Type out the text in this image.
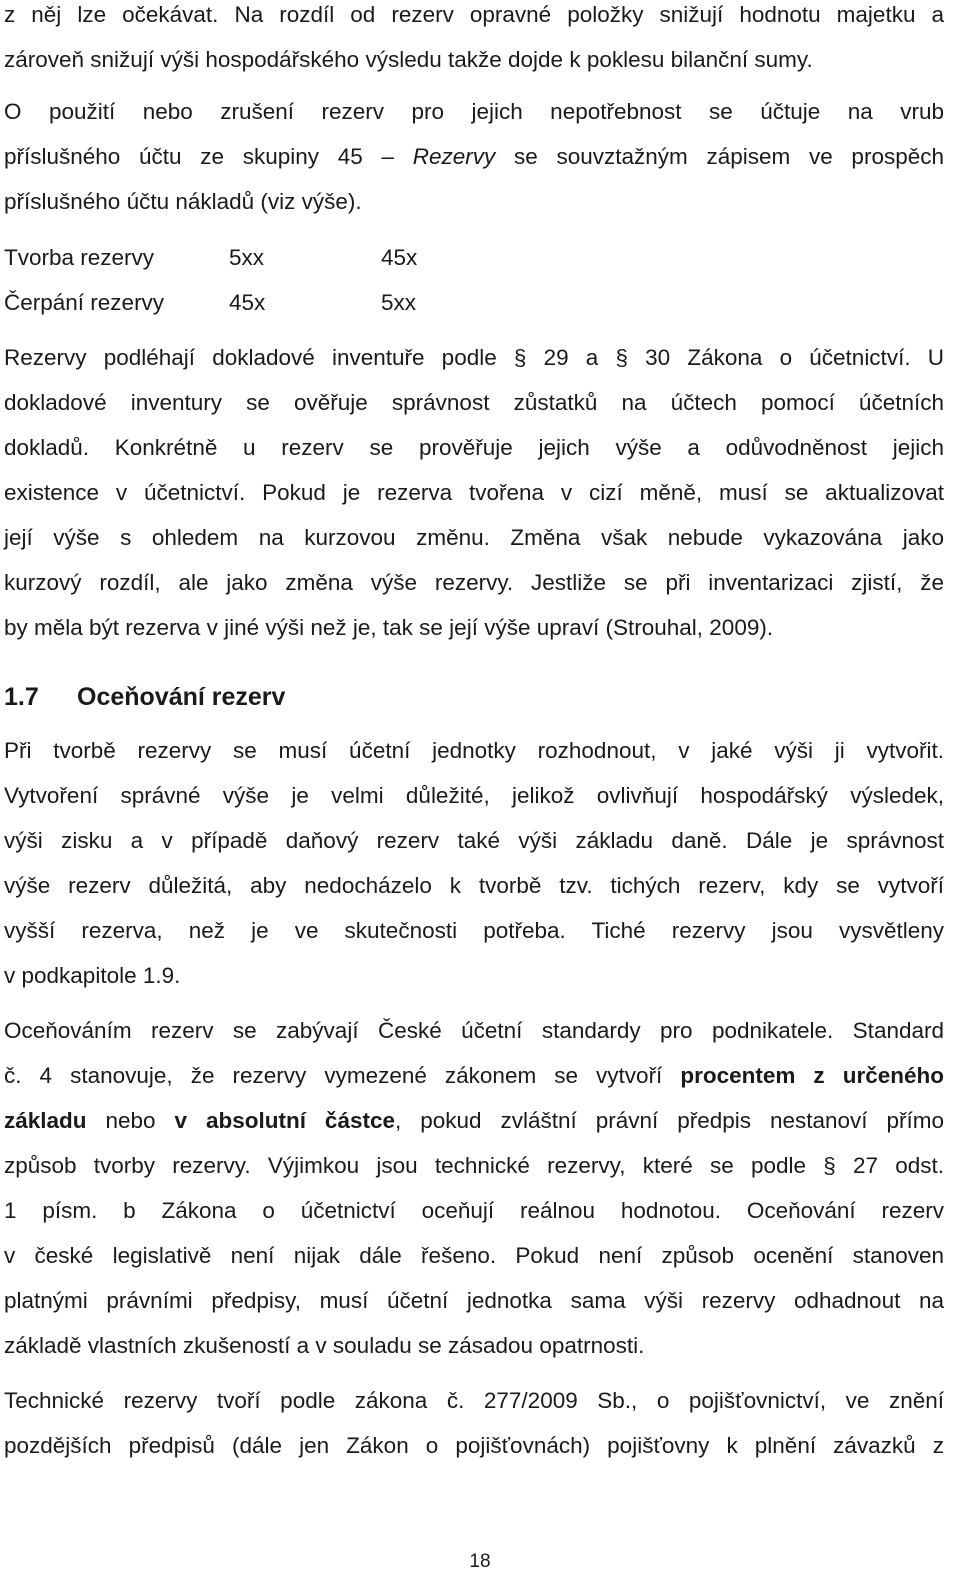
z něj lze očekávat. Na rozdíl od rezerv opravné položky snižují hodnotu majetku a
zároveň snižují výši hospodářského výsledu takže dojde k poklesu bilanční sumy.
O použití nebo zrušení rezerv pro jejich nepotřebnost se účtuje na vrub
příslušného účtu ze skupiny 45 – Rezervy se souvztažným zápisem ve prospěch
příslušného účtu nákladů (viz výše).
Tvorba rezervy	5xx	45x
Čerpání rezervy	45x	5xx
Rezervy podléhají dokladové inventuře podle § 29 a § 30 Zákona o účetnictví. U
dokladové inventury se ověřuje správnost zůstatků na účtech pomocí účetních
dokladů. Konkrétně u rezerv se prověřuje jejich výše a odůvodněnost jejich
existence v účetnictví. Pokud je rezerva tvořena v cizí měně, musí se aktualizovat
její výše s ohledem na kurzovou změnu. Změna však nebude vykazována jako
kurzový rozdíl, ale jako změna výše rezervy. Jestliže se při inventarizaci zjistí, že
by měla být rezerva v jiné výši než je, tak se její výše upraví (Strouhal, 2009).
1.7 Oceňování rezerv
Při tvorbě rezervy se musí účetní jednotky rozhodnout, v jaké výši ji vytvořit.
Vytvoření správné výše je velmi důležité, jelikož ovlivňují hospodářský výsledek,
výši zisku a v případě daňový rezerv také výši základu daně. Dále je správnost
výše rezerv důležitá, aby nedocházelo k tvorbě tzv. tichých rezerv, kdy se vytvoří
vyšší rezerva, než je ve skutečnosti potřeba. Tiché rezervy jsou vysvětleny
v podkapitole 1.9.
Oceňováním rezerv se zabývají České účetní standardy pro podnikatele. Standard
č. 4 stanovuje, že rezervy vymezené zákonem se vytvoří procentem z určeného
základu nebo v absolutní částce, pokud zvláštní právní předpis nestanoví přímo
způsob tvorby rezervy. Výjimkou jsou technické rezervy, které se podle § 27 odst.
1 písm. b Zákona o účetnictví oceňují reálnou hodnotou. Oceňování rezerv
v české legislativě není nijak dále řešeno. Pokud není způsob ocenění stanoven
platnými právními předpisy, musí účetní jednotka sama výši rezervy odhadnout na
základě vlastních zkušeností a v souladu se zásadou opatrnosti.
Technické rezervy tvoří podle zákona č. 277/2009 Sb., o pojišťovnictví, ve znění
pozdějších předpisů (dále jen Zákon o pojišťovnách) pojišťovny k plnění závazků z
18
